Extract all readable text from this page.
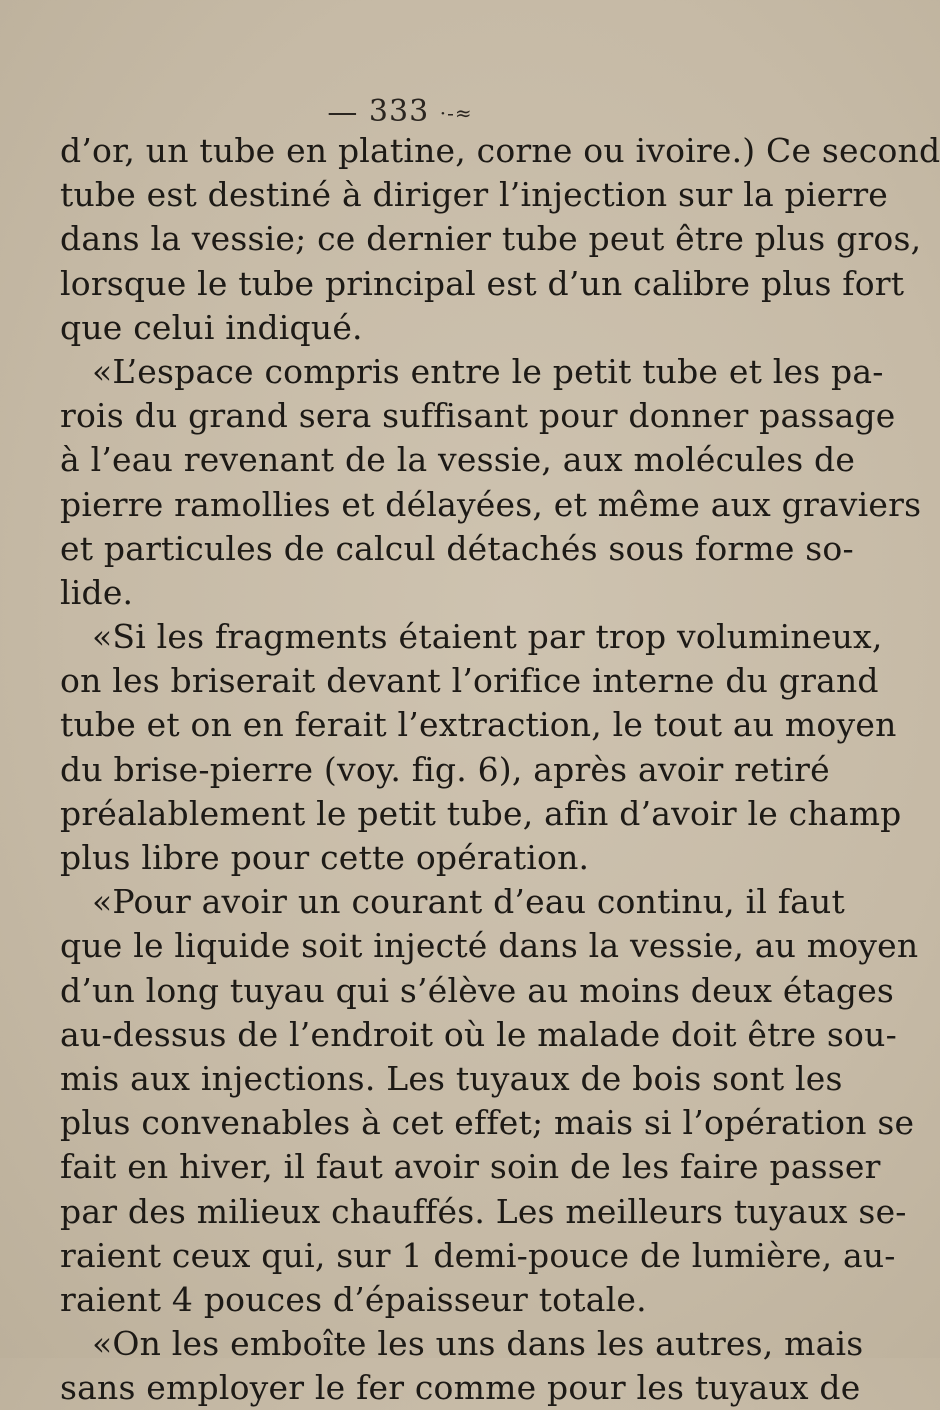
— 333 ·-≈
d’or, un tube en platine, corne ou ivoire.) Ce second
tube est destiné à diriger l’injection sur la pierre
dans la vessie; ce dernier tube peut être plus gros,
lorsque le tube principal est d’un calibre plus fort
que celui indiqué.
«L’espace compris entre le petit tube et les pa-
rois du grand sera suffisant pour donner passage
à l’eau revenant de la vessie, aux molécules de
pierre ramollies et délayées, et même aux graviers
et particules de calcul détachés sous forme so-
lide.
«Si les fragments étaient par trop volumineux,
on les briserait devant l’orifice interne du grand
tube et on en ferait l’extraction, le tout au moyen
du brise-pierre (voy. fig. 6), après avoir retiré
préalablement le petit tube, afin d’avoir le champ
plus libre pour cette opération.
«Pour avoir un courant d’eau continu, il faut
que le liquide soit injecté dans la vessie, au moyen
d’un long tuyau qui s’élève au moins deux étages
au-dessus de l’endroit où le malade doit être sou-
mis aux injections. Les tuyaux de bois sont les
plus convenables à cet effet; mais si l’opération se
fait en hiver, il faut avoir soin de les faire passer
par des milieux chauffés. Les meilleurs tuyaux se-
raient ceux qui, sur 1 demi-pouce de lumière, au-
raient 4 pouces d’épaisseur totale.
«On les emboîte les uns dans les autres, mais
sans employer le fer comme pour les tuyaux de
